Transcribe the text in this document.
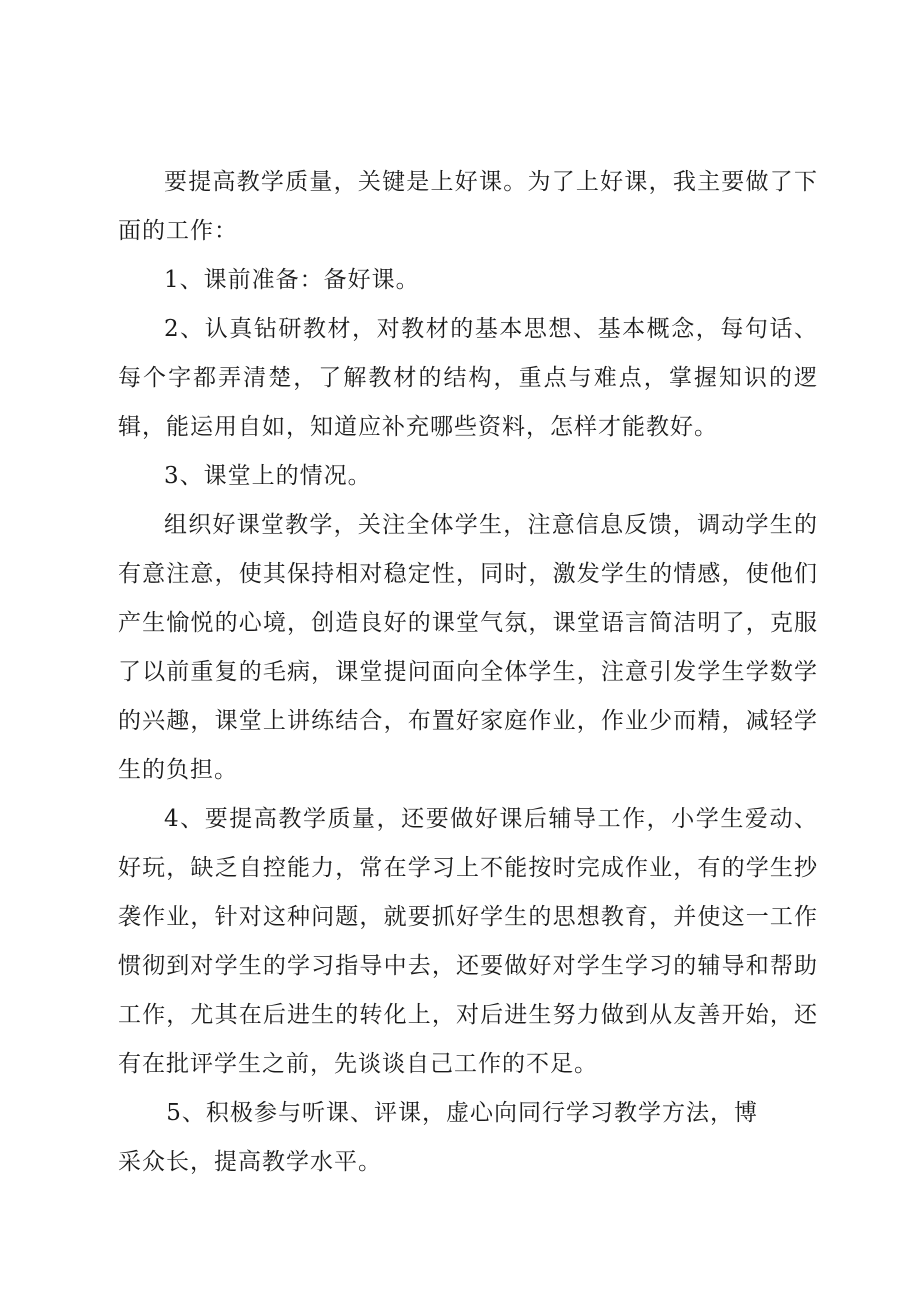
要提高教学质量，关键是上好课。为了上好课，我主要做了下面的工作：

1、课前准备：备好课。

2、认真钻研教材，对教材的基本思想、基本概念，每句话、每个字都弄清楚，了解教材的结构，重点与难点，掌握知识的逻辑，能运用自如，知道应补充哪些资料，怎样才能教好。

3、课堂上的情况。

组织好课堂教学，关注全体学生，注意信息反馈，调动学生的有意注意，使其保持相对稳定性，同时，激发学生的情感，使他们产生愉悦的心境，创造良好的课堂气氛，课堂语言简洁明了，克服了以前重复的毛病，课堂提问面向全体学生，注意引发学生学数学的兴趣，课堂上讲练结合，布置好家庭作业，作业少而精，减轻学生的负担。

4、要提高教学质量，还要做好课后辅导工作，小学生爱动、好玩，缺乏自控能力，常在学习上不能按时完成作业，有的学生抄袭作业，针对这种问题，就要抓好学生的思想教育，并使这一工作惯彻到对学生的学习指导中去，还要做好对学生学习的辅导和帮助工作，尤其在后进生的转化上，对后进生努力做到从友善开始，还有在批评学生之前，先谈谈自己工作的不足。

5、积极参与听课、评课，虚心向同行学习教学方法，博采众长，提高教学水平。
